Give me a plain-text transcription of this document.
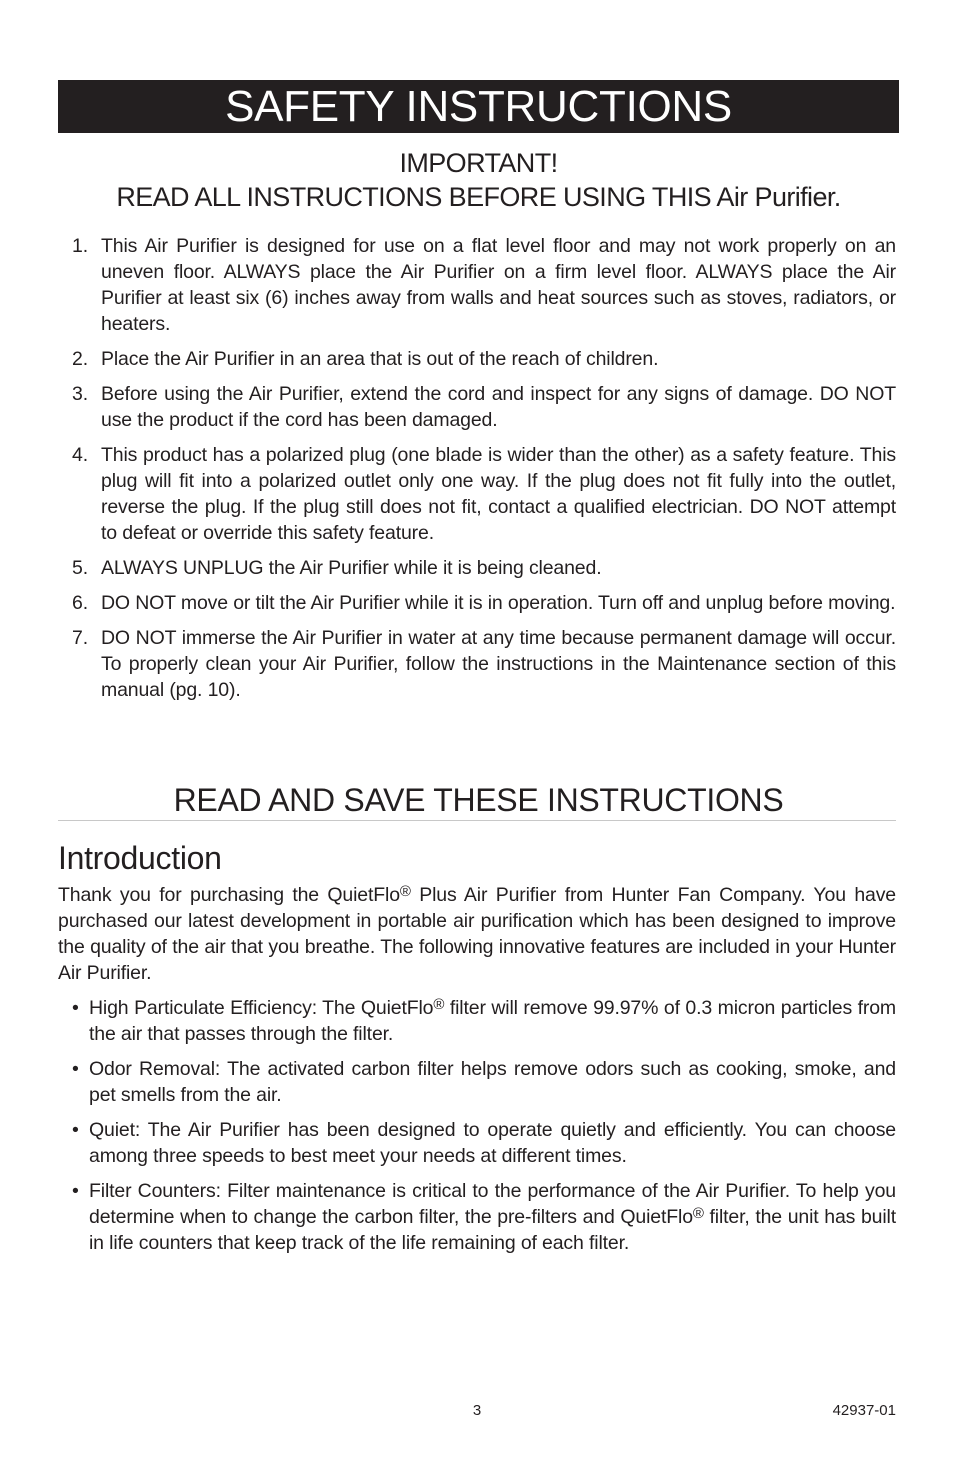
SAFETY INSTRUCTIONS
IMPORTANT!
READ ALL INSTRUCTIONS BEFORE USING THIS Air Purifier.
1. This Air Purifier is designed for use on a flat level floor and may not work properly on an uneven floor. ALWAYS place the Air Purifier on a firm level floor. ALWAYS place the Air Purifier at least six (6) inches away from walls and heat sources such as stoves, radiators, or heaters.
2. Place the Air Purifier in an area that is out of the reach of children.
3. Before using the Air Purifier, extend the cord and inspect for any signs of damage. DO NOT use the product if the cord has been damaged.
4. This product has a polarized plug (one blade is wider than the other) as a safety feature. This plug will fit into a polarized outlet only one way. If the plug does not fit fully into the outlet, reverse the plug. If the plug still does not fit, contact a qualified electrician. DO NOT attempt to defeat or override this safety feature.
5. ALWAYS UNPLUG the Air Purifier while it is being cleaned.
6. DO NOT move or tilt the Air Purifier while it is in operation. Turn off and unplug before moving.
7. DO NOT immerse the Air Purifier in water at any time because permanent damage will occur. To properly clean your Air Purifier, follow the instructions in the Maintenance section of this manual (pg. 10).
READ AND SAVE THESE INSTRUCTIONS
Introduction

Thank you for purchasing the QuietFlo® Plus Air Purifier from Hunter Fan Company. You have purchased our latest development in portable air purification which has been designed to improve the quality of the air that you breathe. The following innovative features are included in your Hunter Air Purifier.

• High Particulate Efficiency: The QuietFlo® filter will remove 99.97% of 0.3 micron particles from the air that passes through the filter.
• Odor Removal: The activated carbon filter helps remove odors such as cooking, smoke, and pet smells from the air.
• Quiet: The Air Purifier has been designed to operate quietly and efficiently. You can choose among three speeds to best meet your needs at different times.
• Filter Counters: Filter maintenance is critical to the performance of the Air Purifier. To help you determine when to change the carbon filter, the pre-filters and QuietFlo® filter, the unit has built in life counters that keep track of the life remaining of each filter.
3	42937-01
